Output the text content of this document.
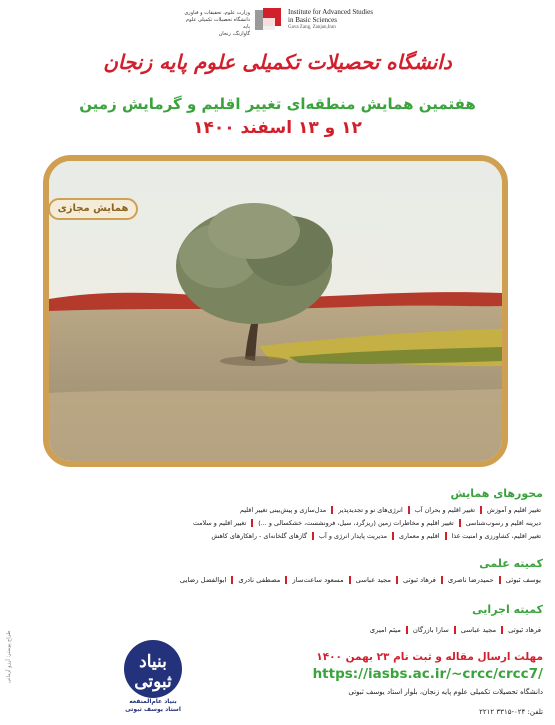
وزارت علوم، تحقیقات و فناوری
دانشگاه تحصیلات تکمیلی علوم پایه
گاوازنگ، زنجان
Institute for Advanced Studies
in Basic Sciences
Gava Zang, Zanjan,Iran
دانشگاه تحصیلات تکمیلی علوم پایه زنجان
هفتمین همایش منطقه‌ای تغییر اقلیم و گرمایش زمین
۱۲ و ۱۳ اسفند ۱۴۰۰
همایش مجازی
محورهای همایش
تغییر اقلیم و آموزشتغییر اقلیم و بحران آبانرژی‌های نو و تجدیدپذیرمدل‌سازی و پیش‌بینی تغییر اقلیم
دیرینه اقلیم و رسوب‌شناسیتغییر اقلیم و مخاطرات زمین (ریزگرد، سیل، فرونشست، خشکسالی و ...)تغییر اقلیم و سلامت
تغییر اقلیم، کشاورزی و امنیت غذااقلیم و معماریمدیریت پایدار انرژی و آبگازهای گلخانه‌ای - راهکارهای کاهش
کمیته علمی
یوسف ثبوتیحمیدرضا ناصریفرهاد ثبوتیمجید عباسیمسعود ساعت‌سازمصطفی نادریابوالفضل رضایی
کمیته اجرایی
فرهاد ثبوتیمجید عباسیسارا بازرگانمیثم امیری
مهلت ارسال مقاله و ثبت نام ۲۳ بهمن ۱۴۰۰
https://iasbs.ac.ir/~crcc/crcc7/
دانشگاه تحصیلات تکمیلی علوم پایه زنجان، بلوار استاد یوسف ثبوتی
تلفن: ۰۲۴-۳۳۱۵ ۲۲۱۲
بنیاد ثبوتی
بنیاد عام‌المنفعه
استاد یوسف ثبوتی
طراح پوستر: آرزو آرمانی
